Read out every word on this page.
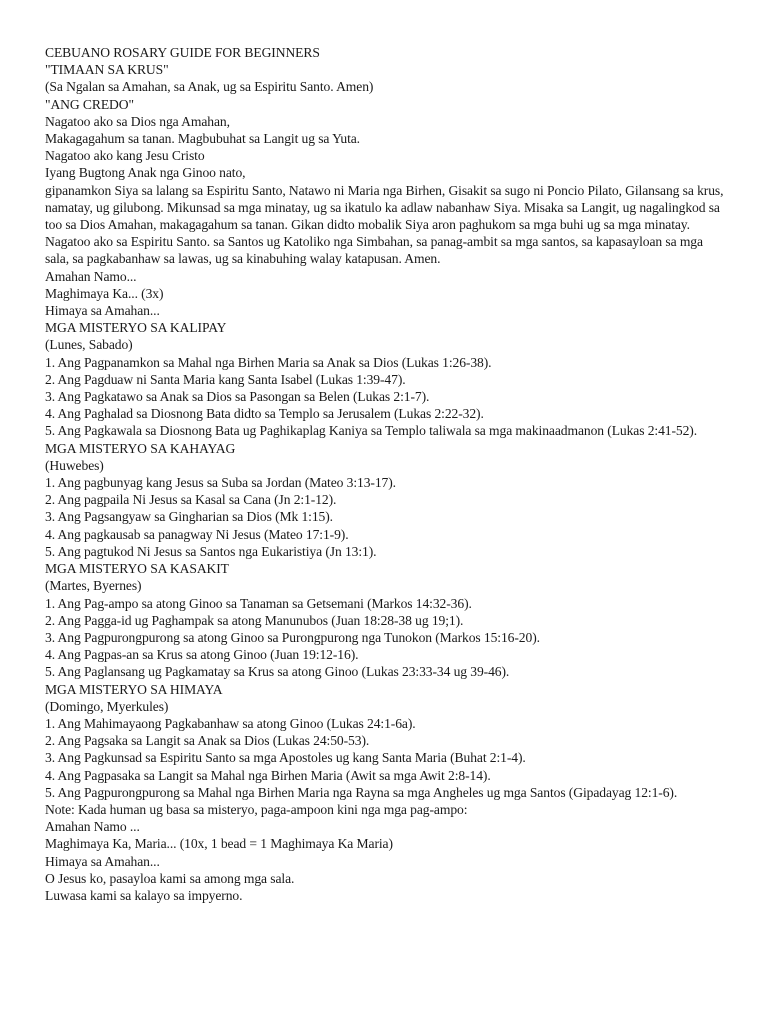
CEBUANO ROSARY GUIDE FOR BEGINNERS
"TIMAAN SA KRUS"
(Sa Ngalan sa Amahan, sa Anak, ug sa Espiritu Santo. Amen)
"ANG CREDO"
Nagatoo ako sa Dios nga Amahan,
Makagagahum sa tanan. Magbubuhat sa Langit ug sa Yuta.
Nagatoo ako kang Jesu Cristo
Iyang Bugtong Anak nga Ginoo nato,
gipanamkon Siya sa lalang sa Espiritu Santo, Natawo ni Maria nga Birhen, Gisakit sa sugo ni Poncio Pilato, Gilansang sa krus, namatay, ug gilubong. Mikunsad sa mga minatay, ug sa ikatulo ka adlaw nabanhaw Siya. Misaka sa Langit, ug nagalingkod sa too sa Dios Amahan, makagagahum sa tanan. Gikan didto mobalik Siya aron paghukom sa mga buhi ug sa mga minatay. Nagatoo ako sa Espiritu Santo. sa Santos ug Katoliko nga Simbahan, sa panag-ambit sa mga santos, sa kapasayloan sa mga sala, sa pagkabanhaw sa lawas, ug sa kinabuhing walay katapusan. Amen.
Amahan Namo...
Maghimaya Ka... (3x)
Himaya sa Amahan...
MGA MISTERYO SA KALIPAY
(Lunes, Sabado)
1. Ang Pagpanamkon sa Mahal nga Birhen Maria sa Anak sa Dios (Lukas 1:26-38).
2. Ang Pagduaw ni Santa Maria kang Santa Isabel (Lukas 1:39-47).
3. Ang Pagkatawo sa Anak sa Dios sa Pasongan sa Belen (Lukas 2:1-7).
4. Ang Paghalad sa Diosnong Bata didto sa Templo sa Jerusalem (Lukas 2:22-32).
5. Ang Pagkawala sa Diosnong Bata ug Paghikaplag Kaniya sa Templo taliwala sa mga makinaadmanon (Lukas 2:41-52).
MGA MISTERYO SA KAHAYAG
(Huwebes)
1. Ang pagbunyag kang Jesus sa Suba sa Jordan (Mateo 3:13-17).
2. Ang pagpaila Ni Jesus sa Kasal sa Cana (Jn 2:1-12).
3. Ang Pagsangyaw sa Gingharian sa Dios (Mk 1:15).
4. Ang pagkausab sa panagway Ni Jesus (Mateo 17:1-9).
5. Ang pagtukod Ni Jesus sa Santos nga Eukaristiya (Jn 13:1).
MGA MISTERYO SA KASAKIT
(Martes, Byernes)
1. Ang Pag-ampo sa atong Ginoo sa Tanaman sa Getsemani (Markos 14:32-36).
2. Ang Pagga-id ug Paghampak sa atong Manunubos (Juan 18:28-38 ug 19;1).
3. Ang Pagpurongpurong sa atong Ginoo sa Purongpurong nga Tunokon (Markos 15:16-20).
4. Ang Pagpas-an sa Krus sa atong Ginoo (Juan 19:12-16).
5. Ang Paglansang ug Pagkamatay sa Krus sa atong Ginoo (Lukas 23:33-34 ug 39-46).
MGA MISTERYO SA HIMAYA
(Domingo, Myerkules)
1. Ang Mahimayaong Pagkabanhaw sa atong Ginoo (Lukas 24:1-6a).
2. Ang Pagsaka sa Langit sa Anak sa Dios (Lukas 24:50-53).
3. Ang Pagkunsad sa Espiritu Santo sa mga Apostoles ug kang Santa Maria (Buhat 2:1-4).
4. Ang Pagpasaka sa Langit sa Mahal nga Birhen Maria (Awit sa mga Awit 2:8-14).
5. Ang Pagpurongpurong sa Mahal nga Birhen Maria nga Rayna sa mga Angheles ug mga Santos (Gipadayag 12:1-6).
Note: Kada human ug basa sa misteryo, paga-ampoon kini nga mga pag-ampo:
Amahan Namo ...
Maghimaya Ka, Maria... (10x, 1 bead = 1 Maghimaya Ka Maria)
Himaya sa Amahan...
O Jesus ko, pasayloa kami sa among mga sala.
Luwasa kami sa kalayo sa impyerno.
